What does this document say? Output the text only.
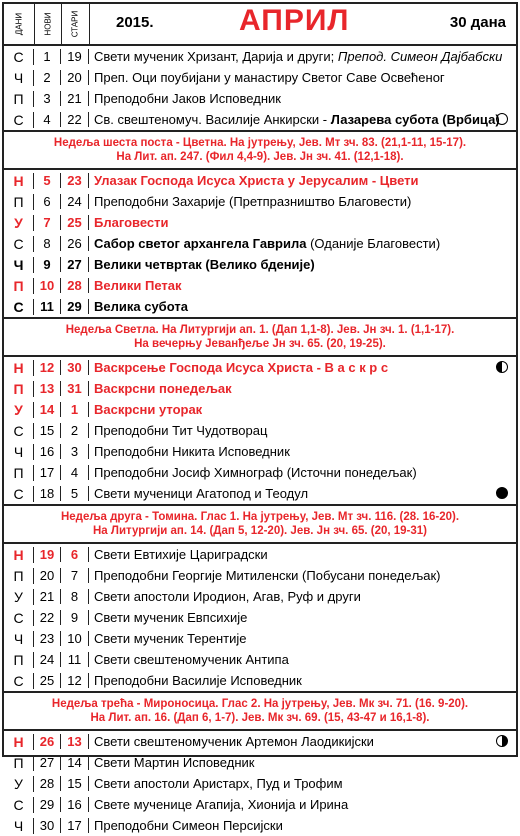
ДАНИ НОВИ СТАРИ 2015.	АПРИЛ	30 дана
С	1	19 Свети мученик Хризант, Дарија и други; Препод. Симеон Дајбабски
Ч	2	20 Преп. Оци поубијани у манастиру Светог Саве Освећеног
П	3	21 Преподобни Јаков Исповедник
С	4	22 Св. свештеномуч. Василије Анкирски - Лазарева субота (Врбица)
Недеља шеста поста - Цветна. На јутрењу, Јев. Мт зч. 83. (21,1-11, 15-17).
На Лит. ап. 247. (Фил 4,4-9). Јев. Јн зч. 41. (12,1-18).
Н	5	23 Улазак Господа Исуса Христа у Јерусалим - Цвети
П	6	24 Преподобни Захарије (Претпразништво Благовести)
У	7	25 Благовести
С	8	26 Сабор светог архангела Гаврила (Оданије Благовести)
Ч	9	27 Велики четвртак (Велико бденије)
П	10	28 Велики Петак
С	11	29 Велика субота
Недеља Светла. На Литургији ап. 1. (Дап 1,1-8). Јев. Јн зч. 1. (1,1-17).
На вечерњу Јеванђеље Јн зч. 65. (20, 19-25).
Н	12	30 Васкрсење Господа Исуса Христа - В а с к р с
П	13	31 Васкрсни понедељак
У	14	1	Васкрсни уторак
С	15	2	Преподобни Тит Чудотворац
Ч	16	3	Преподобни Никита Исповедник
П	17	4	Преподобни Јосиф Химнограф (Источни понедељак)
С	18	5	Свети мученици Агатопод и Теодул
Недеља друга - Томина. Глас 1. На јутрењу, Јев. Мт зч. 116. (28. 16-20).
На Литургији ап. 14. (Дап 5, 12-20). Јев. Јн зч. 65. (20, 19-31)
Н	19	6	Свети Евтихије Цариградски
П	20	7	Преподобни Георгије Митиленски (Побусани понедељак)
У	21	8	Свети апостоли Иродион, Агав, Руф и други
С	22	9	Свети мученик Евпсихије
Ч	23	10 Свети мученик Терентије
П	24	11 Свети свештеномученик Антипа
С	25	12 Преподобни Василије Исповедник
Недеља трећа - Мироносица. Глас 2. На јутрењу, Јев. Мк зч. 71. (16. 9-20).
На Лит. ап. 16. (Дап 6, 1-7). Јев. Мк зч. 69. (15, 43-47 и 16,1-8).
Н	26	13 Свети свештеномученик Артемон Лаодикијски
П	27	14 Свети Мартин Исповедник
У	28	15 Свети апостоли Аристарх, Пуд и Трофим
С	29	16 Свете мученице Агапија, Хионија и Ирина
Ч	30	17 Преподобни Симеон Персијски
